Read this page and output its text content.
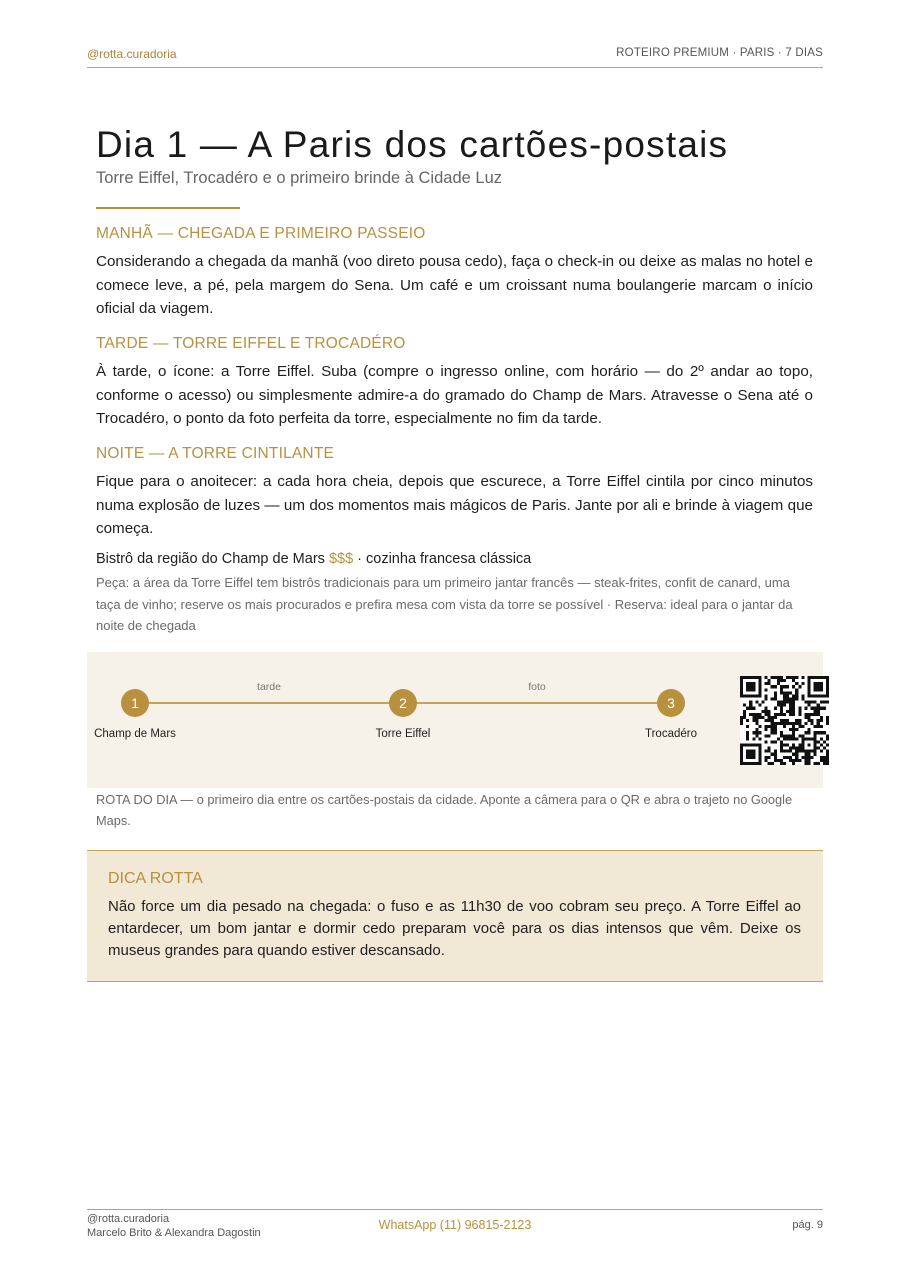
@rotta.curadoria	ROTEIRO PREMIUM · PARIS · 7 DIAS
Dia 1 — A Paris dos cartões-postais
Torre Eiffel, Trocadéro e o primeiro brinde à Cidade Luz
MANHÃ — CHEGADA E PRIMEIRO PASSEIO

Considerando a chegada da manhã (voo direto pousa cedo), faça o check-in ou deixe as malas no hotel e comece leve, a pé, pela margem do Sena. Um café e um croissant numa boulangerie marcam o início oficial da viagem.

TARDE — TORRE EIFFEL E TROCADÉRO

À tarde, o ícone: a Torre Eiffel. Suba (compre o ingresso online, com horário — do 2º andar ao topo, conforme o acesso) ou simplesmente admire-a do gramado do Champ de Mars. Atravesse o Sena até o Trocadéro, o ponto da foto perfeita da torre, especialmente no fim da tarde.

NOITE — A TORRE CINTILANTE

Fique para o anoitecer: a cada hora cheia, depois que escurece, a Torre Eiffel cintila por cinco minutos numa explosão de luzes — um dos momentos mais mágicos de Paris. Jante por ali e brinde à viagem que começa.

Bistrô da região do Champ de Mars $$$ · cozinha francesa clássica
Peça: a área da Torre Eiffel tem bistrôs tradicionais para um primeiro jantar francês — steak-frites, confit de canard, uma taça de vinho; reserve os mais procurados e prefira mesa com vista da torre se possível · Reserva: ideal para o jantar da noite de chegada
tarde	foto
1	2	3
Champ de Mars	Torre Eiffel	Trocadéro
ROTA DO DIA — o primeiro dia entre os cartões-postais da cidade. Aponte a câmera para o QR e abra o trajeto no Google Maps.
DICA ROTTA

Não force um dia pesado na chegada: o fuso e as 11h30 de voo cobram seu preço. A Torre Eiffel ao entardecer, um bom jantar e dormir cedo preparam você para os dias intensos que vêm. Deixe os museus grandes para quando estiver descansado.

@rotta.curadoria
Marcelo Brito & Alexandra Dagostin
WhatsApp (11) 96815-2123	pág. 9
